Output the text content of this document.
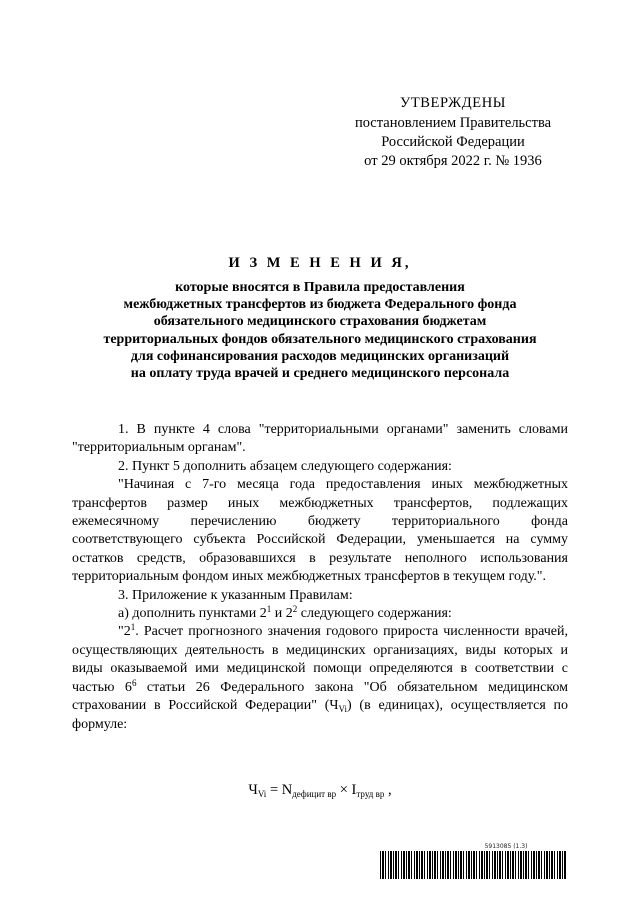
УТВЕРЖДЕНЫ
постановлением Правительства
Российской Федерации
от 29 октября 2022 г. № 1936
И З М Е Н Е Н И Я,
которые вносятся в Правила предоставления
межбюджетных трансфертов из бюджета Федерального фонда
обязательного медицинского страхования бюджетам
территориальных фондов обязательного медицинского страхования
для софинансирования расходов медицинских организаций
на оплату труда врачей и среднего медицинского персонала

1. В пункте 4 слова "территориальными органами" заменить словами "территориальным органам".

2. Пункт 5 дополнить абзацем следующего содержания:

"Начиная с 7-го месяца года предоставления иных межбюджетных трансфертов размер иных межбюджетных трансфертов, подлежащих ежемесячному перечислению бюджету территориального фонда соответствующего субъекта Российской Федерации, уменьшается на сумму остатков средств, образовавшихся в результате неполного использования территориальным фондом иных межбюджетных трансфертов в текущем году.".

3. Приложение к указанным Правилам:

а) дополнить пунктами $2^1$ и $2^2$ следующего содержания:

"$2^1$. Расчет прогнозного значения годового прироста численности врачей, осуществляющих деятельность в медицинских организациях, виды которых и виды оказываемой ими медицинской помощи определяются в соответствии с частью $6^6$ статьи 26 Федерального закона "Об обязательном медицинском страховании в Российской Федерации" $(Ч_{Vi})$ (в единицах), осуществляется по формуле:

$Ч_{Vi} = N_{дефицит вр} \times I_{труд вр}$ ,
5913085 (1.3)
